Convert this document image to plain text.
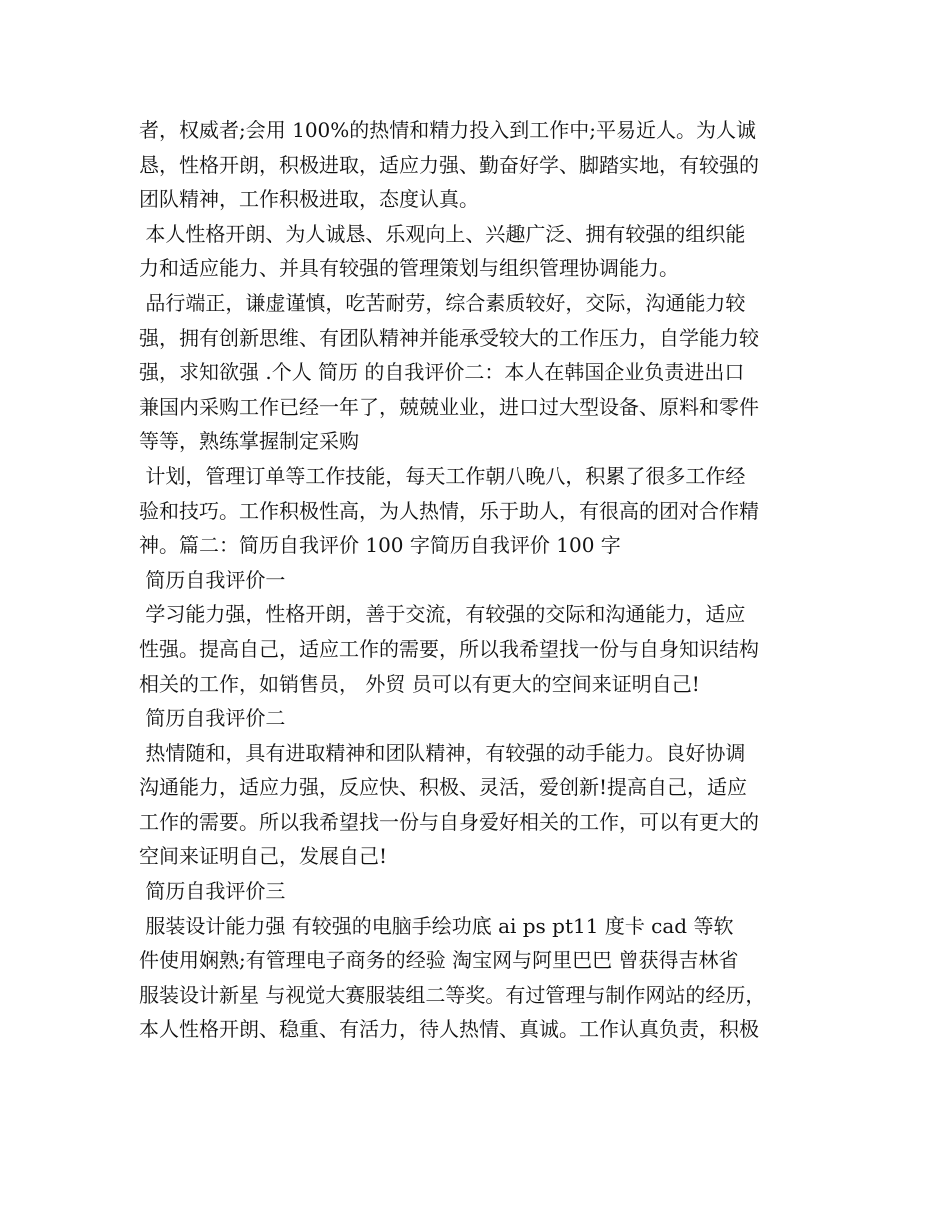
者，权威者;会用 100%的热情和精力投入到工作中;平易近人。为人诚
恳，性格开朗，积极进取，适应力强、勤奋好学、脚踏实地，有较强的
团队精神，工作积极进取，态度认真。
本人性格开朗、为人诚恳、乐观向上、兴趣广泛、拥有较强的组织能
力和适应能力、并具有较强的管理策划与组织管理协调能力。
品行端正，谦虚谨慎，吃苦耐劳，综合素质较好，交际，沟通能力较
强，拥有创新思维、有团队精神并能承受较大的工作压力，自学能力较
强，求知欲强 .个人 简历 的自我评价二：本人在韩国企业负责进出口
兼国内采购工作已经一年了，兢兢业业，进口过大型设备、原料和零件
等等，熟练掌握制定采购
计划，管理订单等工作技能，每天工作朝八晚八，积累了很多工作经
验和技巧。工作积极性高，为人热情，乐于助人，有很高的团对合作精
神。篇二：简历自我评价 100 字简历自我评价 100 字
简历自我评价一
学习能力强，性格开朗，善于交流，有较强的交际和沟通能力，适应
性强。提高自己，适应工作的需要，所以我希望找一份与自身知识结构
相关的工作，如销售员， 外贸 员可以有更大的空间来证明自己!
简历自我评价二
热情随和，具有进取精神和团队精神，有较强的动手能力。良好协调
沟通能力，适应力强，反应快、积极、灵活，爱创新!提高自己，适应
工作的需要。所以我希望找一份与自身爱好相关的工作，可以有更大的
空间来证明自己，发展自己!
简历自我评价三
服装设计能力强 有较强的电脑手绘功底 ai ps pt11 度卡 cad 等软
件使用娴熟;有管理电子商务的经验 淘宝网与阿里巴巴 曾获得吉林省
服装设计新星 与视觉大赛服装组二等奖。有过管理与制作网站的经历，
本人性格开朗、稳重、有活力，待人热情、真诚。工作认真负责，积极
